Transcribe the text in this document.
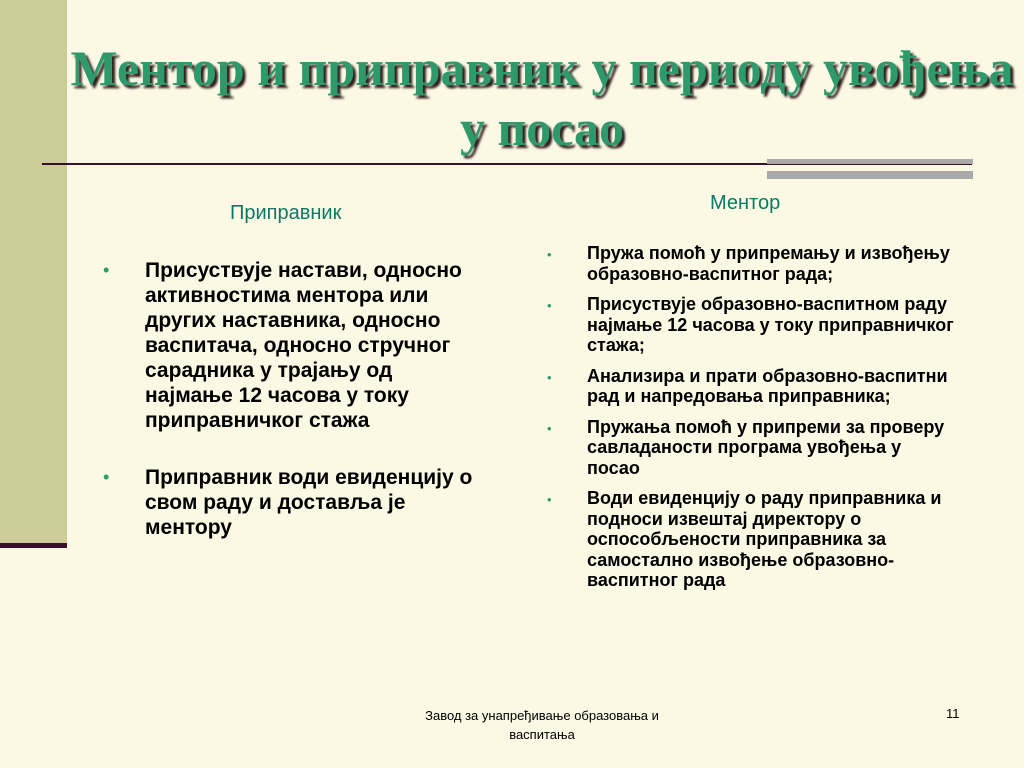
Ментор и приправник у периоду увођења у посао
Приправник	Ментор
• Присуствује настави, односно активностима ментора или других наставника, односно васпитача, односно стручног сарадника у трајању од најмање 12 часова у току приправничког стажа
• Приправник води евиденцију о свом раду и доставља је ментору
• Пружа помоћ у припремању и извођењу образовно-васпитног рада;
• Присуствује образовно-васпитном раду најмање 12 часова у току приправничког стажа;
• Анализира и прати образовно-васпитни рад и напредовања приправника;
• Пружања помоћ у припреми за проверу савладаности програма увођења у посао
• Води евиденцију о раду приправника и подноси извештај директору о оспособљености приправника за самостално извођење образовно-васпитног рада
Завод за унапређивање образовања и васпитања
11
